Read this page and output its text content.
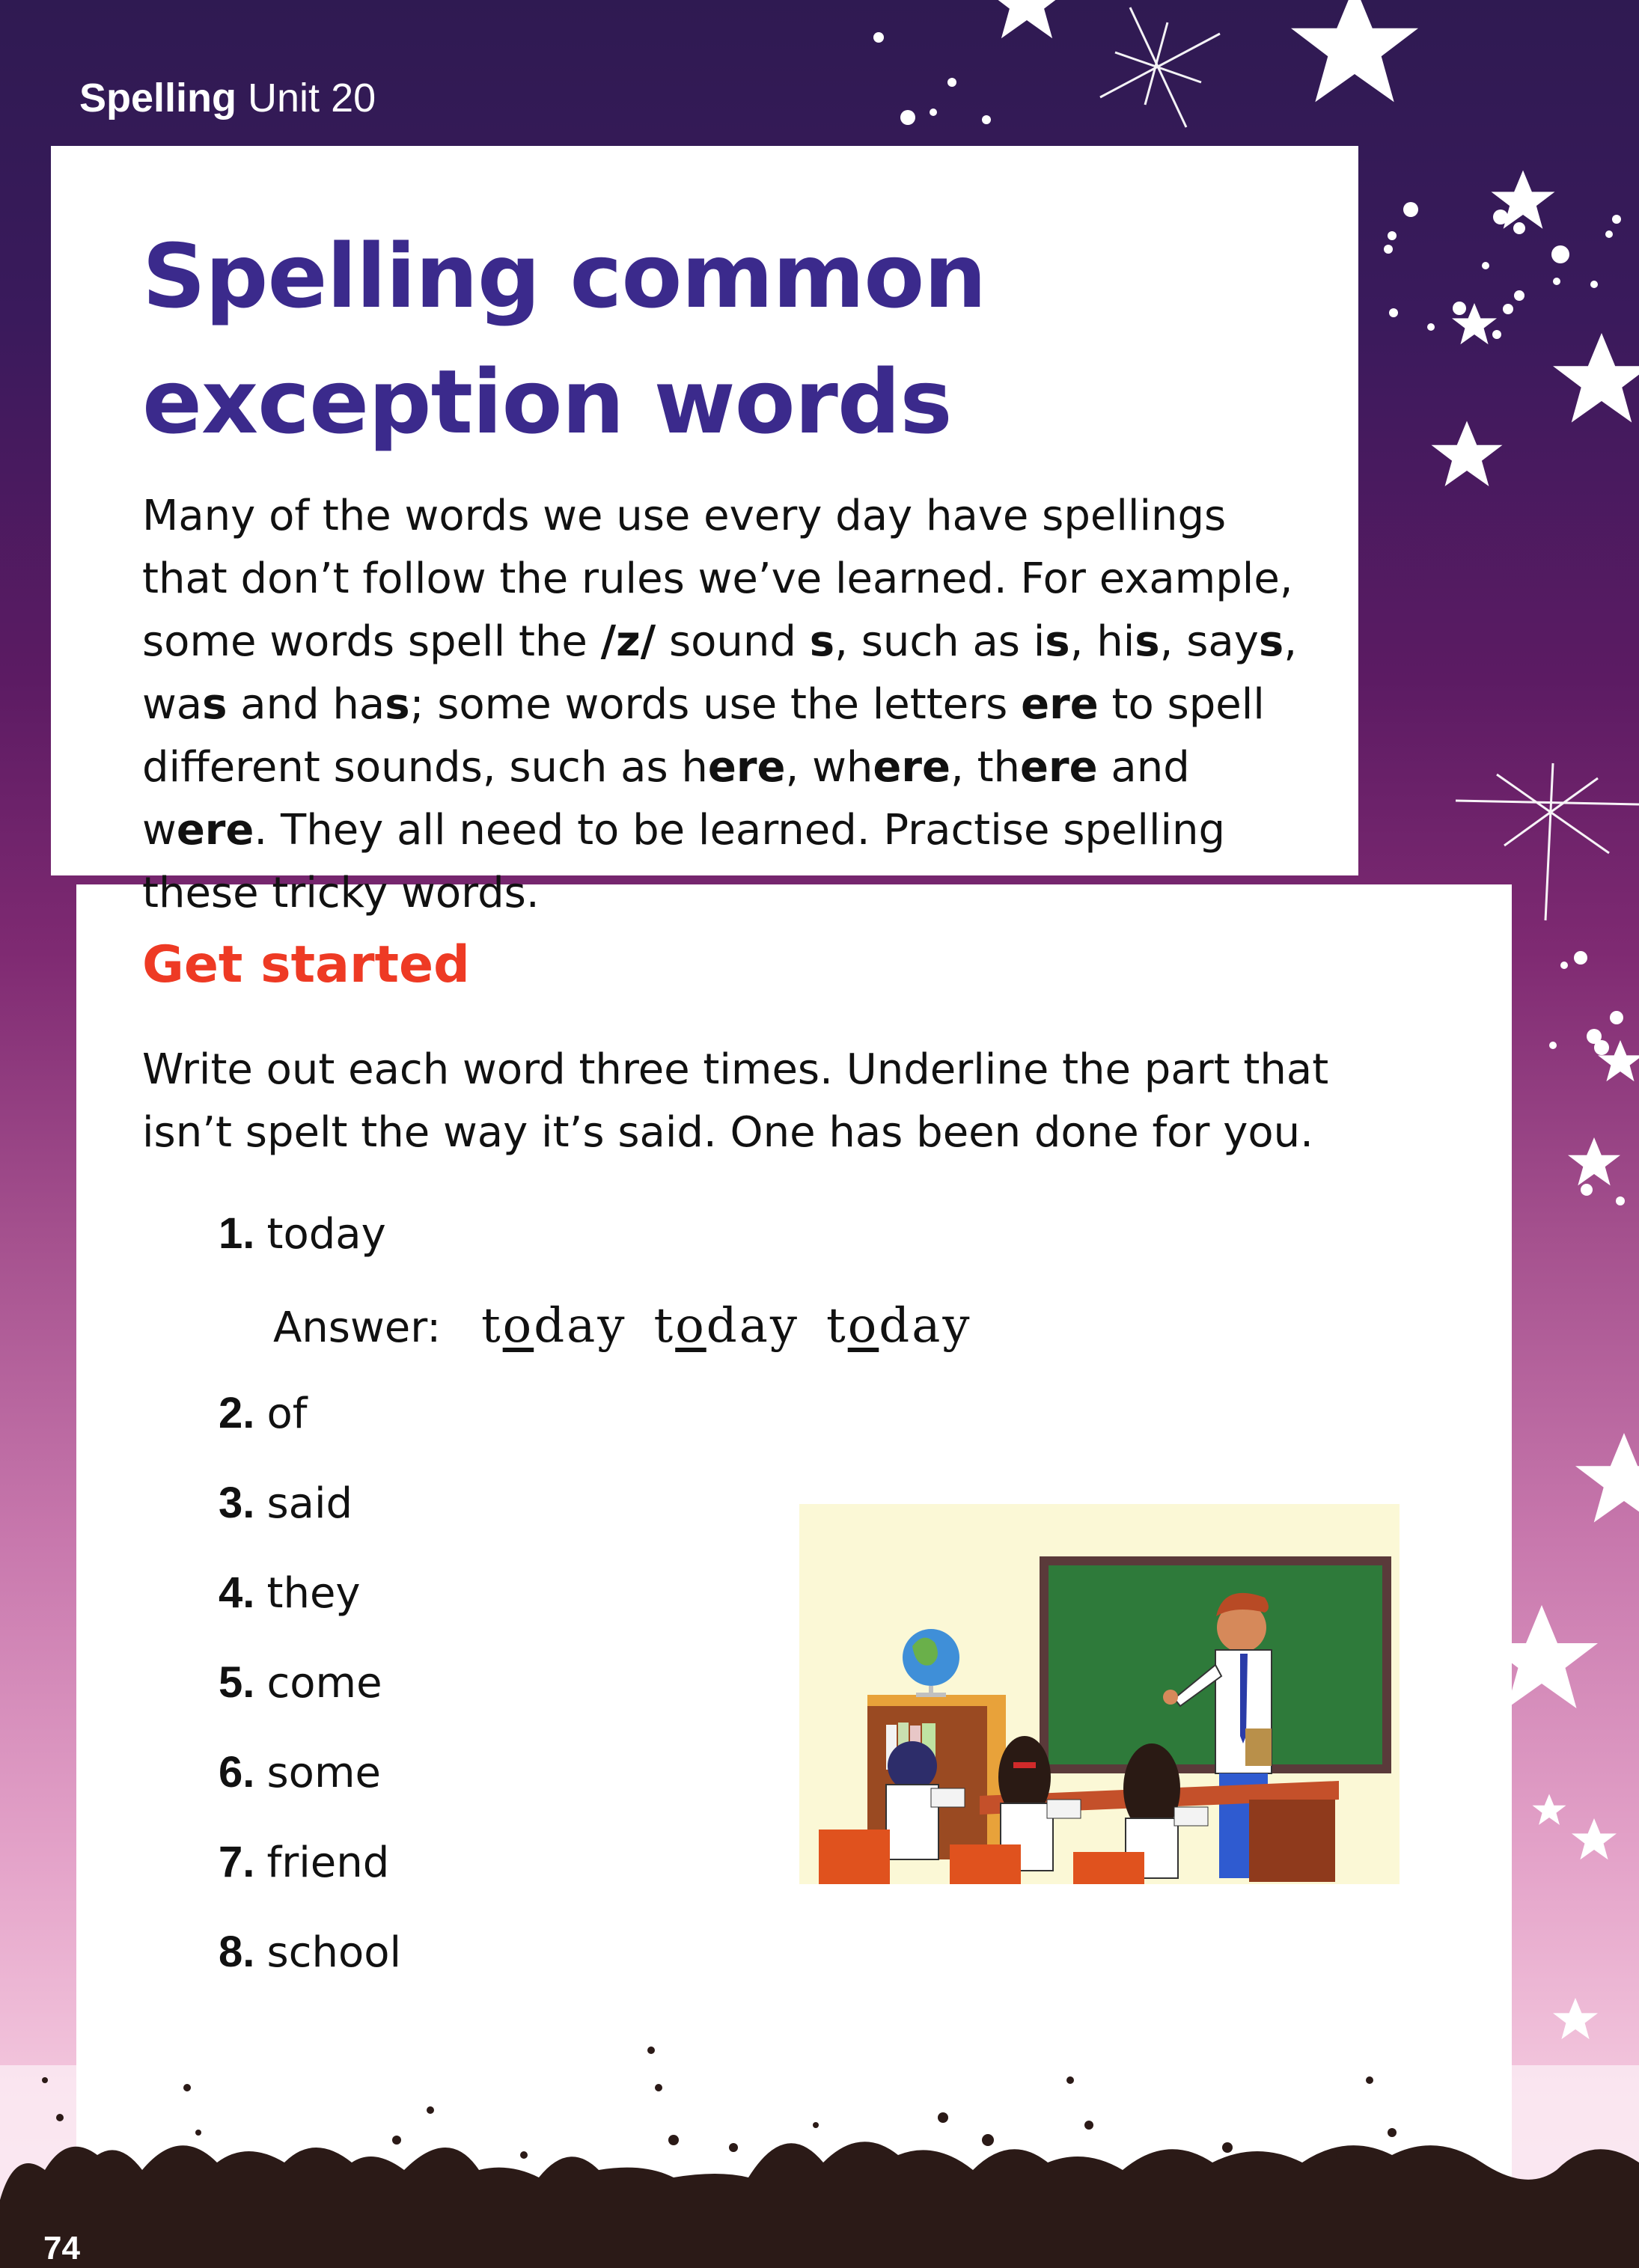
Spelling Unit 20
Spelling common exception words

Many of the words we use every day have spellings that don’t follow the rules we’ve learned. For example, some words spell the /z/ sound s, such as is, his, says, was and has; some words use the letters ere to spell different sounds, such as here, where, there and were. They all need to be learned. Practise spelling these tricky words.

Get started

Write out each word three times. Underline the part that isn’t spelt the way it’s said. One has been done for you.

1. today
2. of
3. said
4. they
5. come
6. some
7. friend
8. school
Answer: today today today
74
